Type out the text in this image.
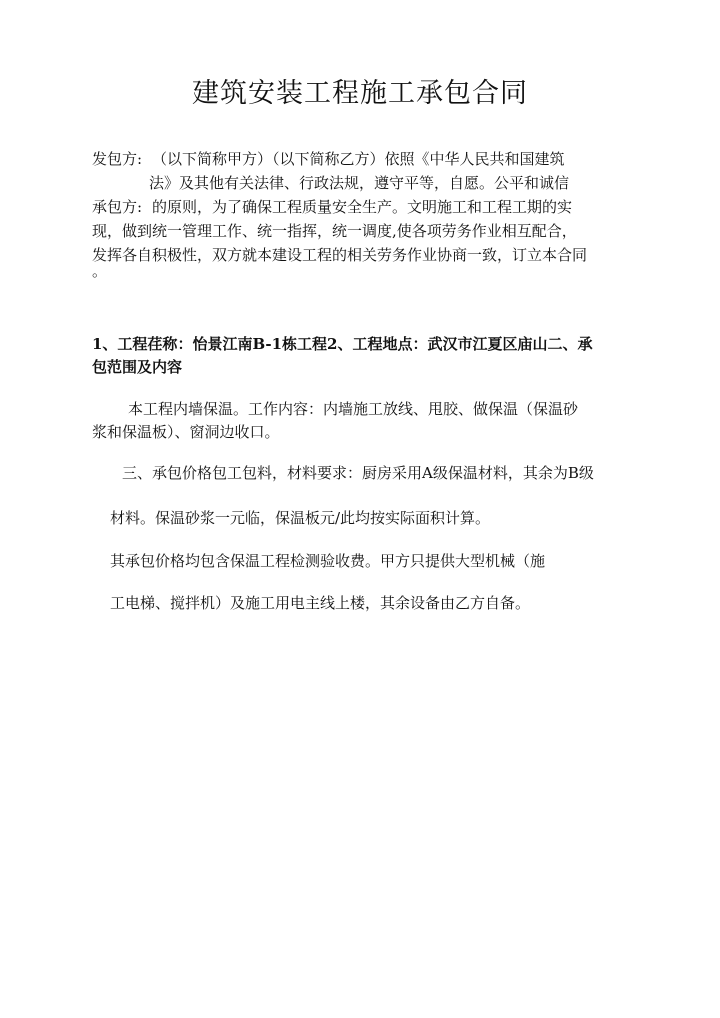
建筑安装工程施工承包合同
发包方: （以下简称甲方）（以下简称乙方）依照《中华人民共和国建筑
法》及其他有关法律、行政法规，遵守平等，自愿。公平和诚信
承包方: 的原则，为了确保工程质量安全生产。文明施工和工程工期的实
现，做到统一管理工作、统一指挥，统一调度,使各项劳务作业相互配合，
发挥各自积极性，双方就本建设工程的相关劳务作业协商一致，订立本合同
。
1、工程荏称：怡景江南B-1栋工程2、工程地点：武汉市江夏区庙山二、承
包范围及内容
本工程内墙保温。工作内容：内墙施工放线、甩胶、做保温（保温砂
浆和保温板）、窗洞边收口。
三、承包价格包工包料，材料要求：厨房采用A级保温材料，其余为B级
材料。保温砂浆一元临，保温板元/此均按实际面积计算。
其承包价格均包含保温工程检测验收费。甲方只提供大型机械（施
工电梯、搅拌机）及施工用电主线上楼，其余设备由乙方自备。
